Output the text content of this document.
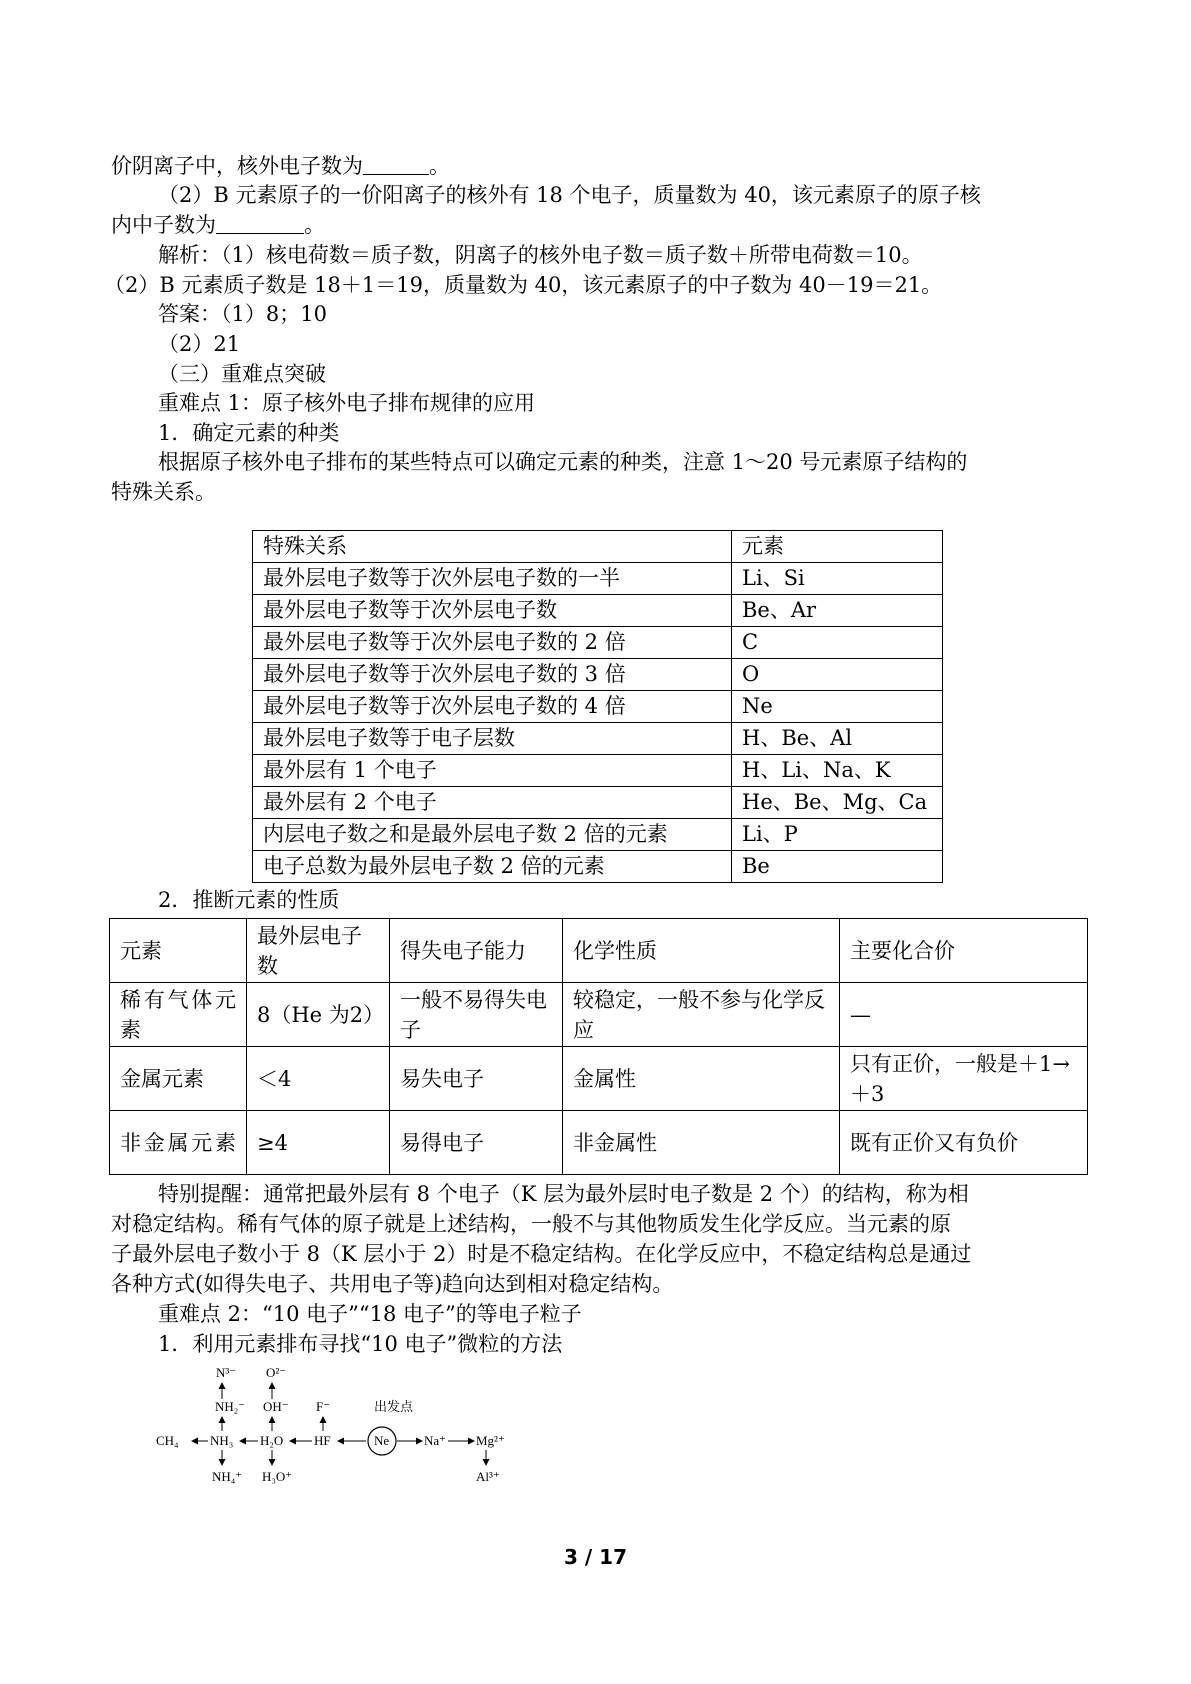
价阴离子中，核外电子数为	。
（2）B 元素原子的一价阳离子的核外有 18 个电子，质量数为 40，该元素原子的原子核
内中子数为	。
解析：（1）核电荷数＝质子数，阴离子的核外电子数＝质子数＋所带电荷数＝10。
（2）B 元素质子数是 18＋1＝19，质量数为 40，该元素原子的中子数为 40－19＝21。
答案：（1）8；10
（2）21
（三）重难点突破
重难点 1：原子核外电子排布规律的应用
1．确定元素的种类
根据原子核外电子排布的某些特点可以确定元素的种类，注意 1～20 号元素原子结构的
特殊关系。
特殊关系	元素
最外层电子数等于次外层电子数的一半	Li、Si
最外层电子数等于次外层电子数	Be、Ar
最外层电子数等于次外层电子数的 2 倍	C
最外层电子数等于次外层电子数的 3 倍	O
最外层电子数等于次外层电子数的 4 倍	Ne
最外层电子数等于电子层数	H、Be、Al
最外层有 1 个电子	H、Li、Na、K
最外层有 2 个电子	He、Be、Mg、Ca
内层电子数之和是最外层电子数 2 倍的元素	Li、P
电子总数为最外层电子数 2 倍的元素	Be
2．推断元素的性质
元素	最外层电子数	得失电子能力	化学性质	主要化合价
稀有气体元素	8（He 为2）	一般不易得失电子	较稳定，一般不参与化学反应	—
金属元素	＜4	易失电子	金属性	只有正价，一般是＋1→＋3
非金属元素	≥4	易得电子	非金属性	既有正价又有负价
特别提醒：通常把最外层有 8 个电子（K 层为最外层时电子数是 2 个）的结构，称为相
对稳定结构。稀有气体的原子就是上述结构，一般不与其他物质发生化学反应。当元素的原
子最外层电子数小于 8（K 层小于 2）时是不稳定结构。在化学反应中，不稳定结构总是通过
各种方式(如得失电子、共用电子等)趋向达到相对稳定结构。
重难点 2：“10 电子”“18 电子”的等电子粒子
1．利用元素排布寻找“10 电子”微粒的方法
N³⁻ O²⁻
NH₂⁻ OH⁻ F⁻	出发点
CH₄ NH₃ H₂O HF	Ne	Na⁺ Mg²⁺
NH₄⁺ H₃O⁺	Al³⁺
3 / 17
